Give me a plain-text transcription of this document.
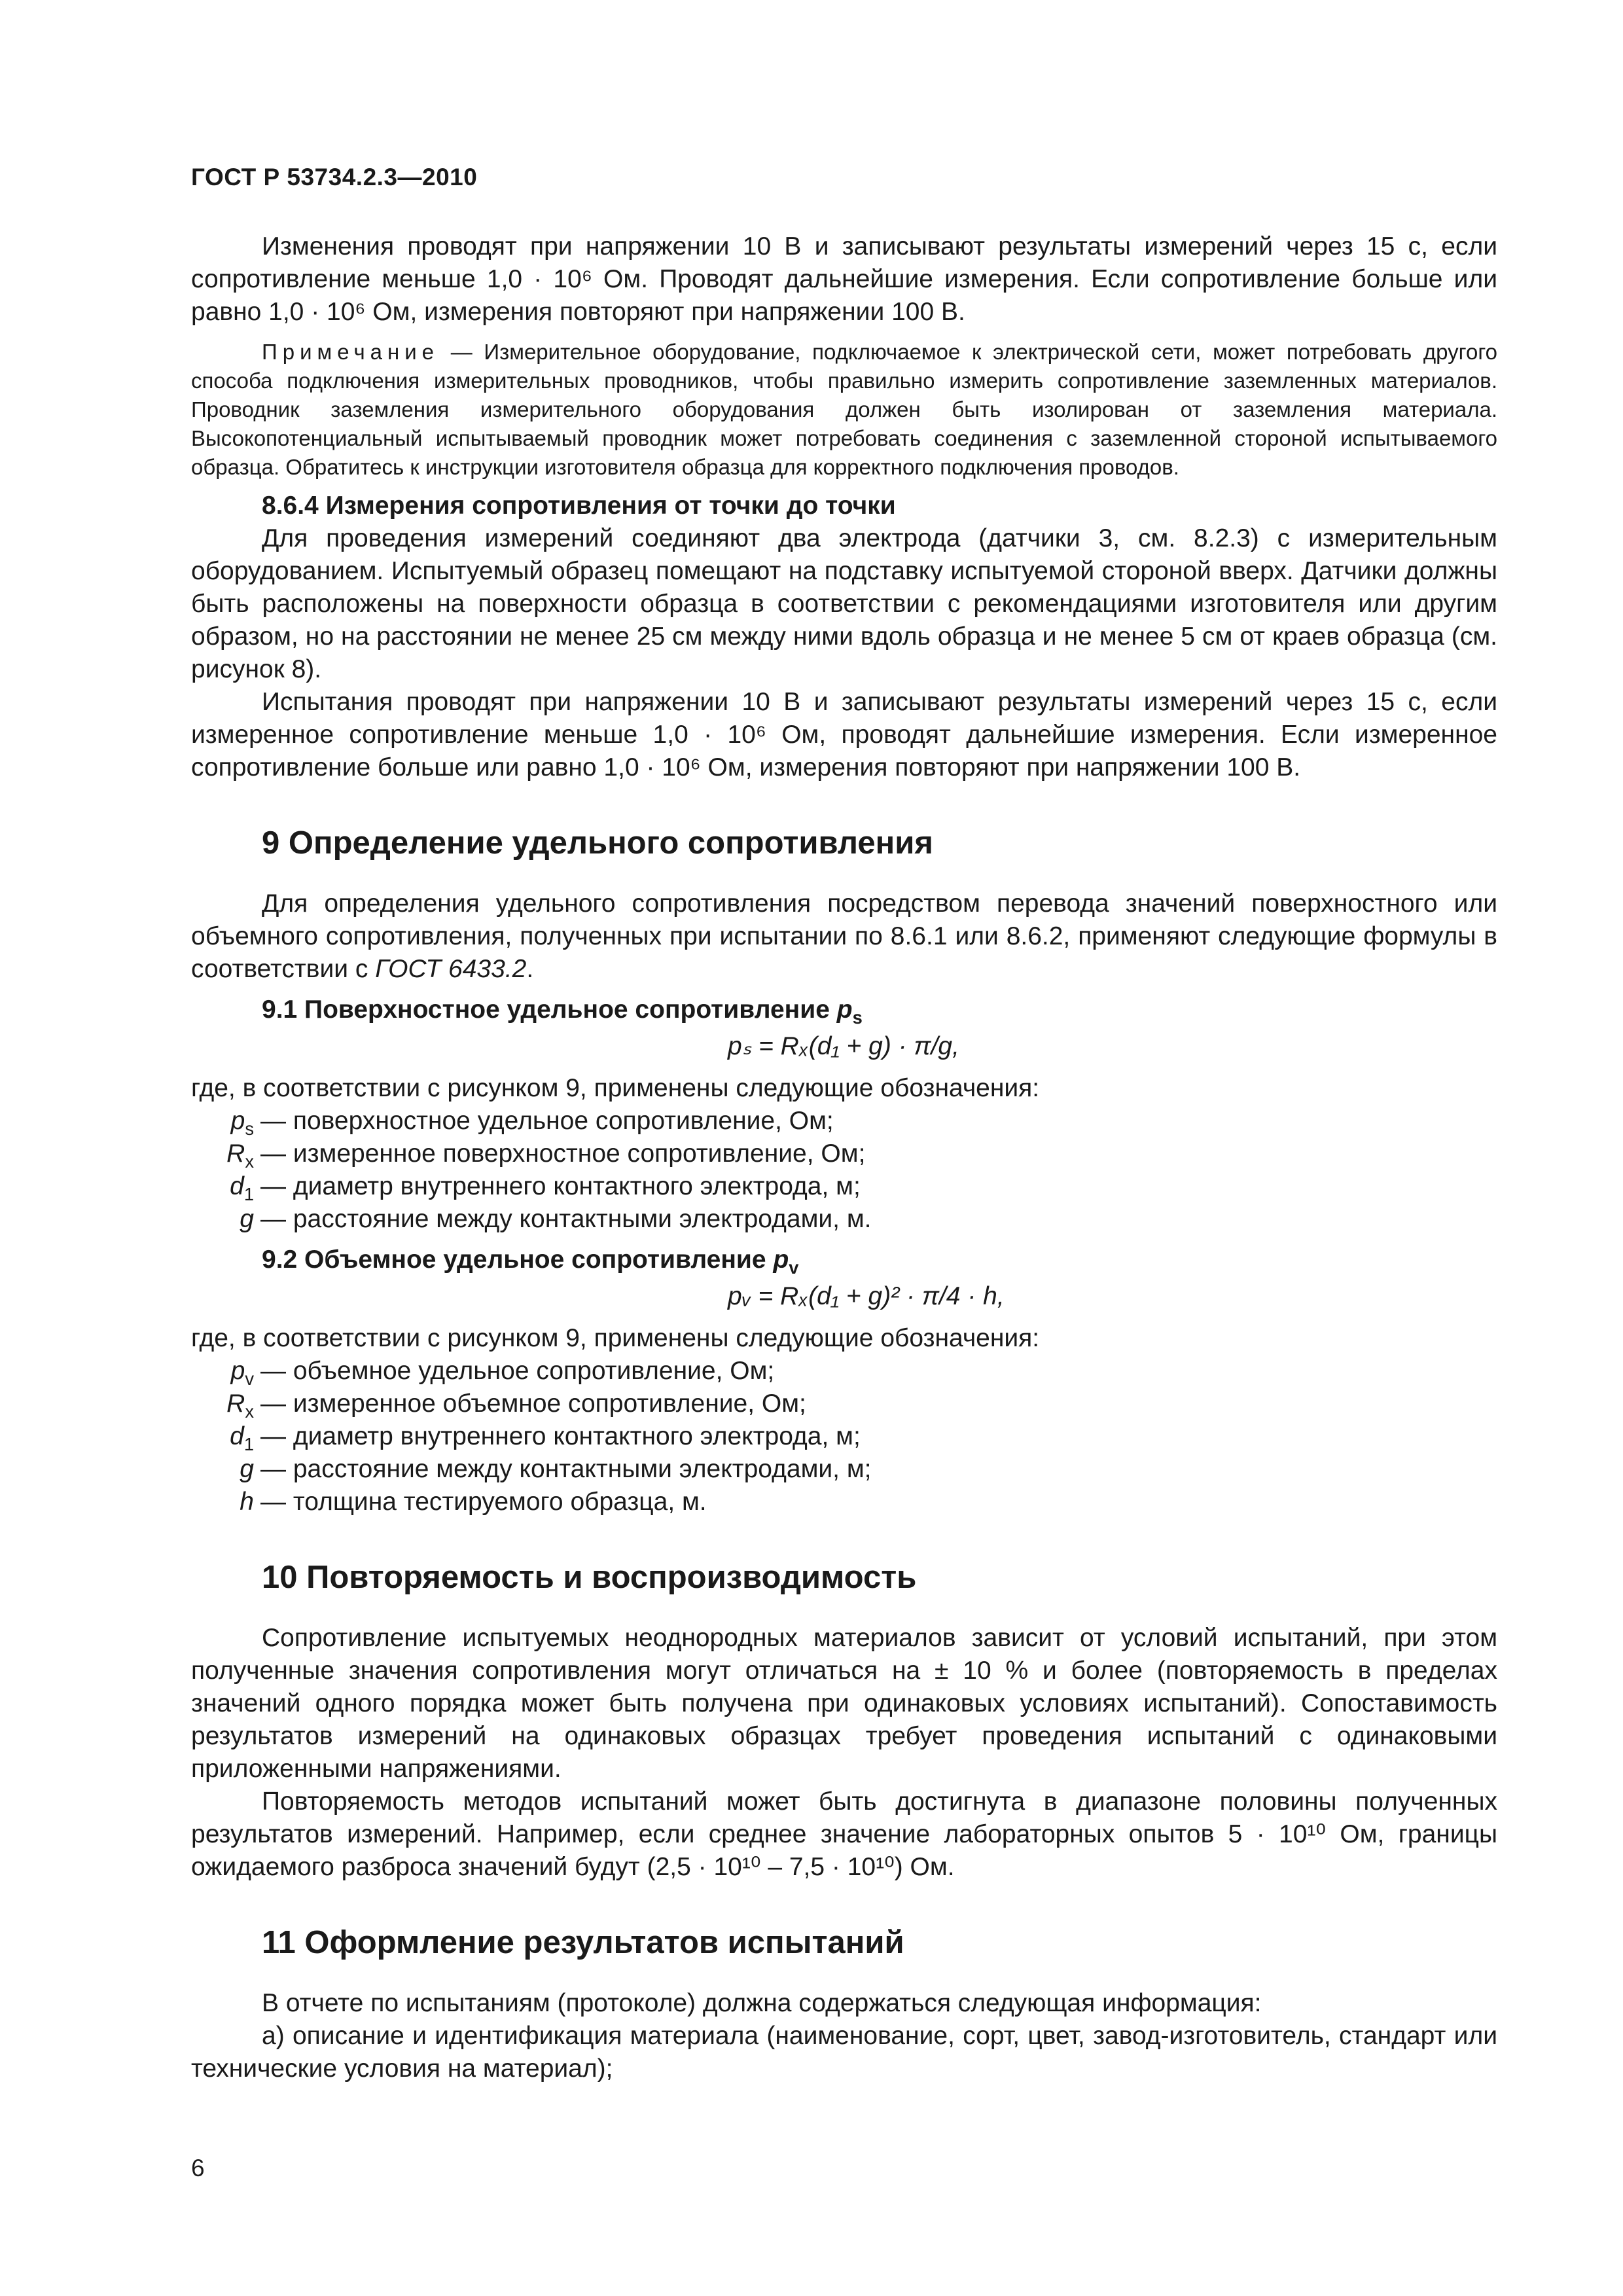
ГОСТ Р 53734.2.3—2010

Изменения проводят при напряжении 10 В и записывают результаты измерений через 15 с, если сопротивление меньше 1,0 · 10⁶ Ом. Проводят дальнейшие измерения. Если сопротивление больше или равно 1,0 · 10⁶ Ом, измерения повторяют при напряжении 100 В.

Примечание — Измерительное оборудование, подключаемое к электрической сети, может потребовать другого способа подключения измерительных проводников, чтобы правильно измерить сопротивление заземленных материалов. Проводник заземления измерительного оборудования должен быть изолирован от заземления материала. Высокопотенциальный испытываемый проводник может потребовать соединения с заземленной стороной испытываемого образца. Обратитесь к инструкции изготовителя образца для корректного подключения проводов.

8.6.4 Измерения сопротивления от точки до точки

Для проведения измерений соединяют два электрода (датчики 3, см. 8.2.3) с измерительным оборудованием. Испытуемый образец помещают на подставку испытуемой стороной вверх. Датчики должны быть расположены на поверхности образца в соответствии с рекомендациями изготовителя или другим образом, но на расстоянии не менее 25 см между ними вдоль образца и не менее 5 см от краев образца (см. рисунок 8).

Испытания проводят при напряжении 10 В и записывают результаты измерений через 15 с, если измеренное сопротивление меньше 1,0 · 10⁶ Ом, проводят дальнейшие измерения. Если измеренное сопротивление больше или равно 1,0 · 10⁶ Ом, измерения повторяют при напряжении 100 В.

9 Определение удельного сопротивления

Для определения удельного сопротивления посредством перевода значений поверхностного или объемного сопротивления, полученных при испытании по 8.6.1 или 8.6.2, применяют следующие формулы в соответствии с ГОСТ 6433.2.

9.1 Поверхностное удельное сопротивление $p_s$

pₛ = Rₓ(d₁ + g) · π/g,

где, в соответствии с рисунком 9, применены следующие обозначения:

$p_s$ — поверхностное удельное сопротивление, Ом;
$R_x$ — измеренное поверхностное сопротивление, Ом;
$d_1$ — диаметр внутреннего контактного электрода, м;
g — расстояние между контактными электродами, м.
9.2 Объемное удельное сопротивление $p_v$

pᵥ = Rₓ(d₁ + g)² · π/4 · h,

где, в соответствии с рисунком 9, применены следующие обозначения:

$p_v$ — объемное удельное сопротивление, Ом;
$R_x$ — измеренное объемное сопротивление, Ом;
$d_1$ — диаметр внутреннего контактного электрода, м;
g — расстояние между контактными электродами, м;
h — толщина тестируемого образца, м.
10 Повторяемость и воспроизводимость

Сопротивление испытуемых неоднородных материалов зависит от условий испытаний, при этом полученные значения сопротивления могут отличаться на ± 10 % и более (повторяемость в пределах значений одного порядка может быть получена при одинаковых условиях испытаний). Сопоставимость результатов измерений на одинаковых образцах требует проведения испытаний с одинаковыми приложенными напряжениями.

Повторяемость методов испытаний может быть достигнута в диапазоне половины полученных результатов измерений. Например, если среднее значение лабораторных опытов 5 · 10¹⁰ Ом, границы ожидаемого разброса значений будут (2,5 · 10¹⁰ – 7,5 · 10¹⁰) Ом.

11 Оформление результатов испытаний

В отчете по испытаниям (протоколе) должна содержаться следующая информация:

а) описание и идентификация материала (наименование, сорт, цвет, завод-изготовитель, стандарт или технические условия на материал);

6
